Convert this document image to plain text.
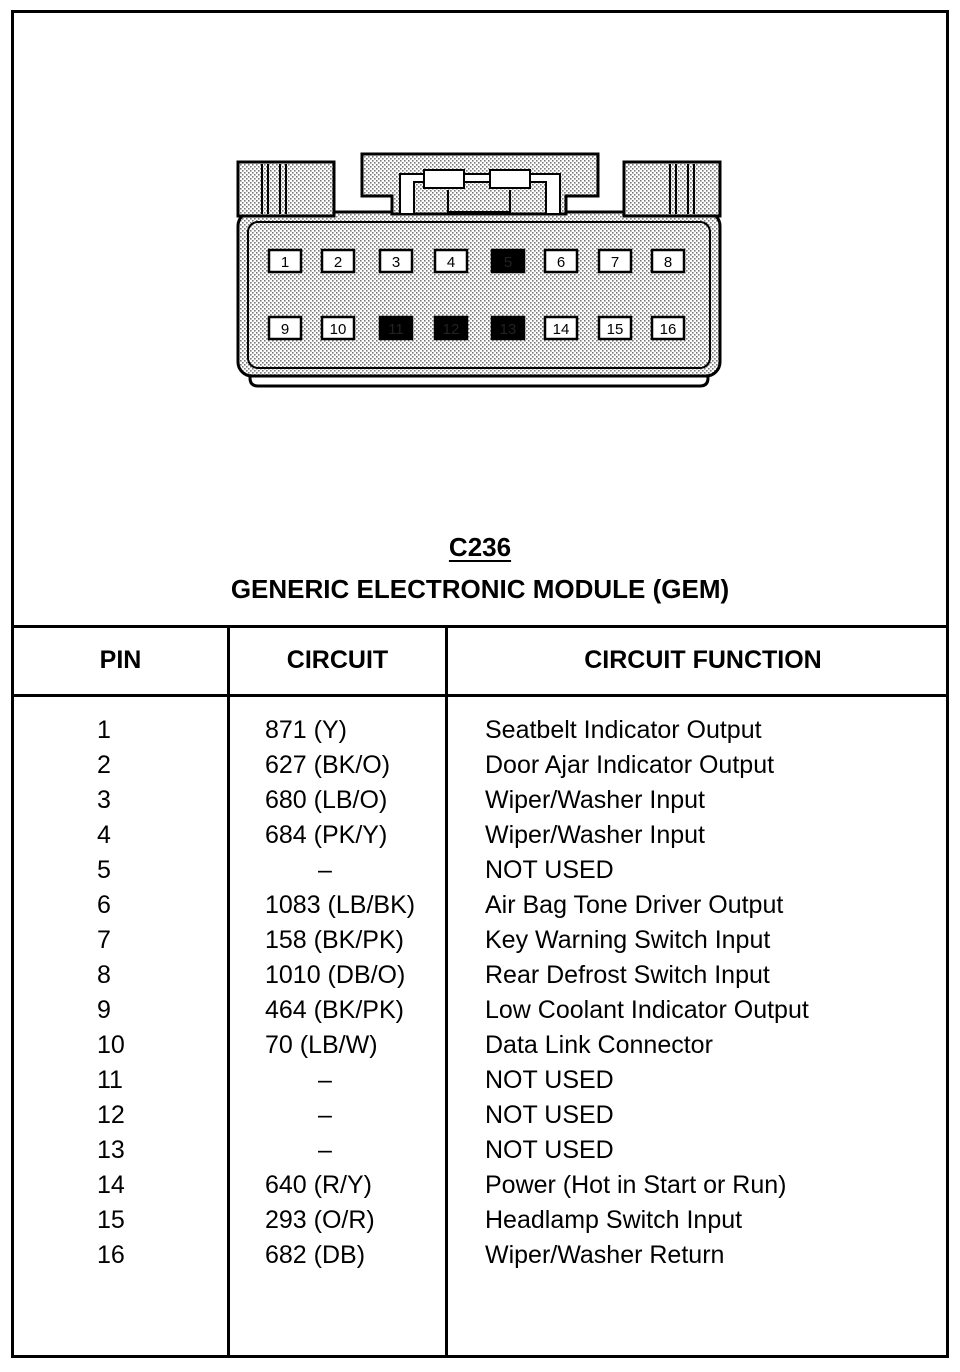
1	2	3	4	5	6	7	8
9	10	11	12	13 14 15 16
C236
GENERIC ELECTRONIC MODULE (GEM)
PIN	CIRCUIT	CIRCUIT FUNCTION
1	871 (Y)	Seatbelt Indicator Output
2	627 (BK/O)	Door Ajar Indicator Output
3	680 (LB/O)	Wiper/Washer Input
4	684 (PK/Y)	Wiper/Washer Input
5	–	NOT USED
6	1083 (LB/BK)	Air Bag Tone Driver Output
7	158 (BK/PK)	Key Warning Switch Input
8	1010 (DB/O)	Rear Defrost Switch Input
9	464 (BK/PK)	Low Coolant Indicator Output
10	70 (LB/W)	Data Link Connector
11	–	NOT USED
12	–	NOT USED
13	–	NOT USED
14	640 (R/Y)	Power (Hot in Start or Run)
15	293 (O/R)	Headlamp Switch Input
16	682 (DB)	Wiper/Washer Return
